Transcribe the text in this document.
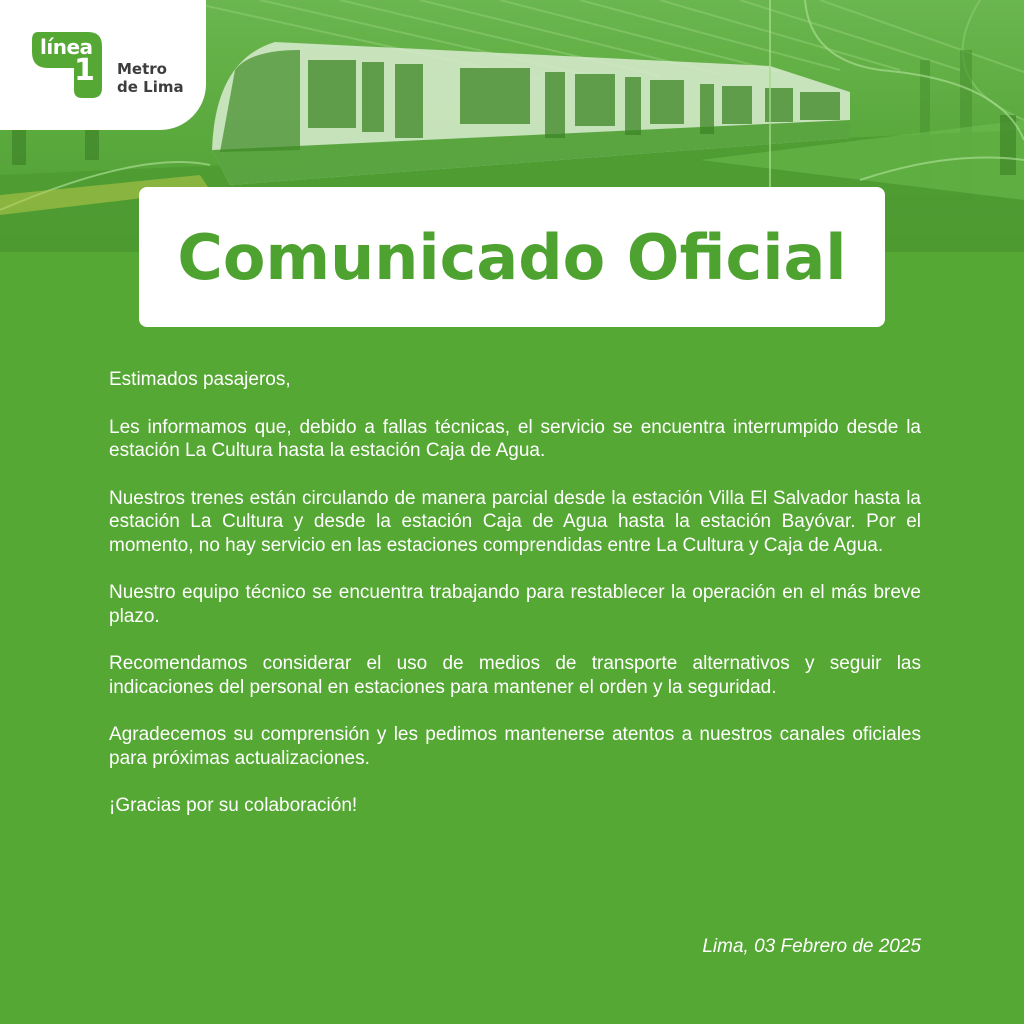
línea
1 Metro
de Lima
Comunicado Oficial

Estimados pasajeros,

Les informamos que, debido a fallas técnicas, el servicio se encuentra interrumpido desde la estación La Cultura hasta la estación Caja de Agua.

Nuestros trenes están circulando de manera parcial desde la estación Villa El Salvador hasta la estación La Cultura y desde la estación Caja de Agua hasta la estación Bayóvar. Por el momento, no hay servicio en las estaciones comprendidas entre La Cultura y Caja de Agua.

Nuestro equipo técnico se encuentra trabajando para restablecer la operación en el más breve plazo.

Recomendamos considerar el uso de medios de transporte alternativos y seguir las indicaciones del personal en estaciones para mantener el orden y la seguridad.

Agradecemos su comprensión y les pedimos mantenerse atentos a nuestros canales oficiales para próximas actualizaciones.

¡Gracias por su colaboración!

Lima, 03 Febrero de 2025
